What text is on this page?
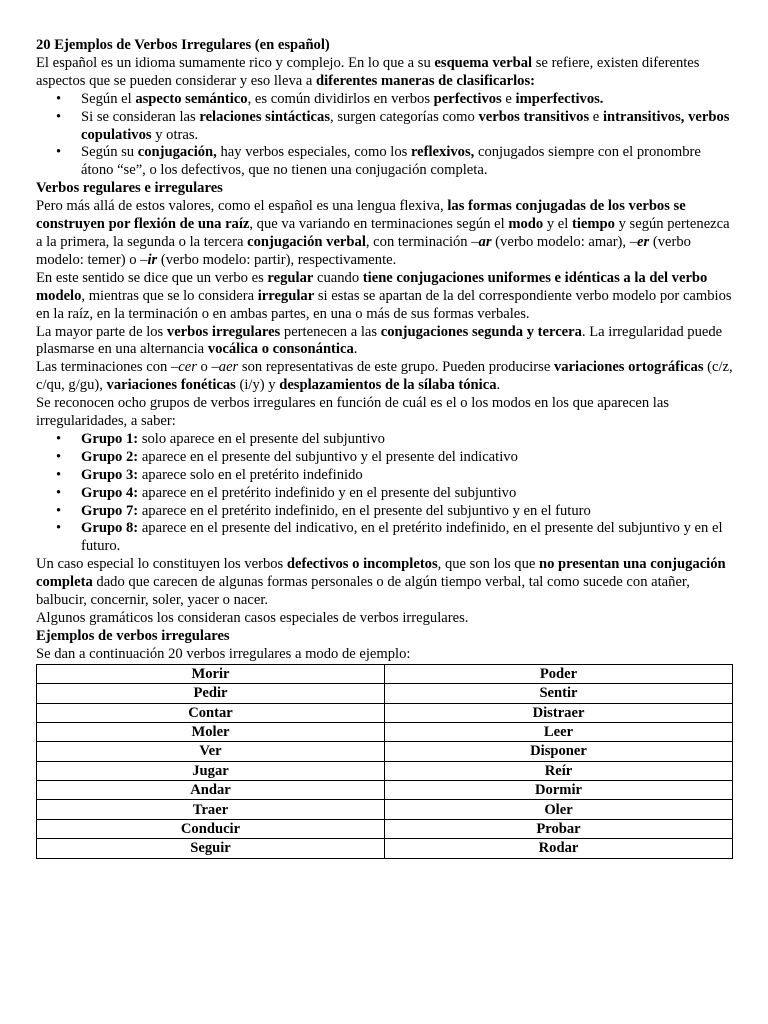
20 Ejemplos de Verbos Irregulares (en español)

El español es un idioma sumamente rico y complejo. En lo que a su esquema verbal se refiere, existen diferentes aspectos que se pueden considerar y eso lleva a diferentes maneras de clasificarlos:

• Según el aspecto semántico, es común dividirlos en verbos perfectivos e imperfectivos.
• Si se consideran las relaciones sintácticas, surgen categorías como verbos transitivos e intransitivos, verbos copulativos y otras.
• Según su conjugación, hay verbos especiales, como los reflexivos, conjugados siempre con el pronombre átono “se”, o los defectivos, que no tienen una conjugación completa.

Verbos regulares e irregulares

Pero más allá de estos valores, como el español es una lengua flexiva, las formas conjugadas de los verbos se construyen por flexión de una raíz, que va variando en terminaciones según el modo y el tiempo y según pertenezca a la primera, la segunda o la tercera conjugación verbal, con terminación –ar (verbo modelo: amar), –er (verbo modelo: temer) o –ir (verbo modelo: partir), respectivamente.

En este sentido se dice que un verbo es regular cuando tiene conjugaciones uniformes e idénticas a la del verbo modelo, mientras que se lo considera irregular si estas se apartan de la del correspondiente verbo modelo por cambios en la raíz, en la terminación o en ambas partes, en una o más de sus formas verbales.

La mayor parte de los verbos irregulares pertenecen a las conjugaciones segunda y tercera. La irregularidad puede plasmarse en una alternancia vocálica o consonántica.

Las terminaciones con –cer o –aer son representativas de este grupo. Pueden producirse variaciones ortográficas (c/z, c/qu, g/gu), variaciones fonéticas (i/y) y desplazamientos de la sílaba tónica.

Se reconocen ocho grupos de verbos irregulares en función de cuál es el o los modos en los que aparecen las irregularidades, a saber:

• Grupo 1: solo aparece en el presente del subjuntivo
• Grupo 2: aparece en el presente del subjuntivo y el presente del indicativo
• Grupo 3: aparece solo en el pretérito indefinido
• Grupo 4: aparece en el pretérito indefinido y en el presente del subjuntivo
• Grupo 7: aparece en el pretérito indefinido, en el presente del subjuntivo y en el futuro
• Grupo 8: aparece en el presente del indicativo, en el pretérito indefinido, en el presente del subjuntivo y en el futuro.

Un caso especial lo constituyen los verbos defectivos o incompletos, que son los que no presentan una conjugación completa dado que carecen de algunas formas personales o de algún tiempo verbal, tal como sucede con atañer, balbucir, concernir, soler, yacer o nacer.

Algunos gramáticos los consideran casos especiales de verbos irregulares.

Ejemplos de verbos irregulares

Se dan a continuación 20 verbos irregulares a modo de ejemplo:

Morir	Poder
Pedir	Sentir
Contar	Distraer
Moler	Leer
Ver	Disponer
Jugar	Reír
Andar	Dormir
Traer	Oler
Conducir	Probar
Seguir	Rodar
